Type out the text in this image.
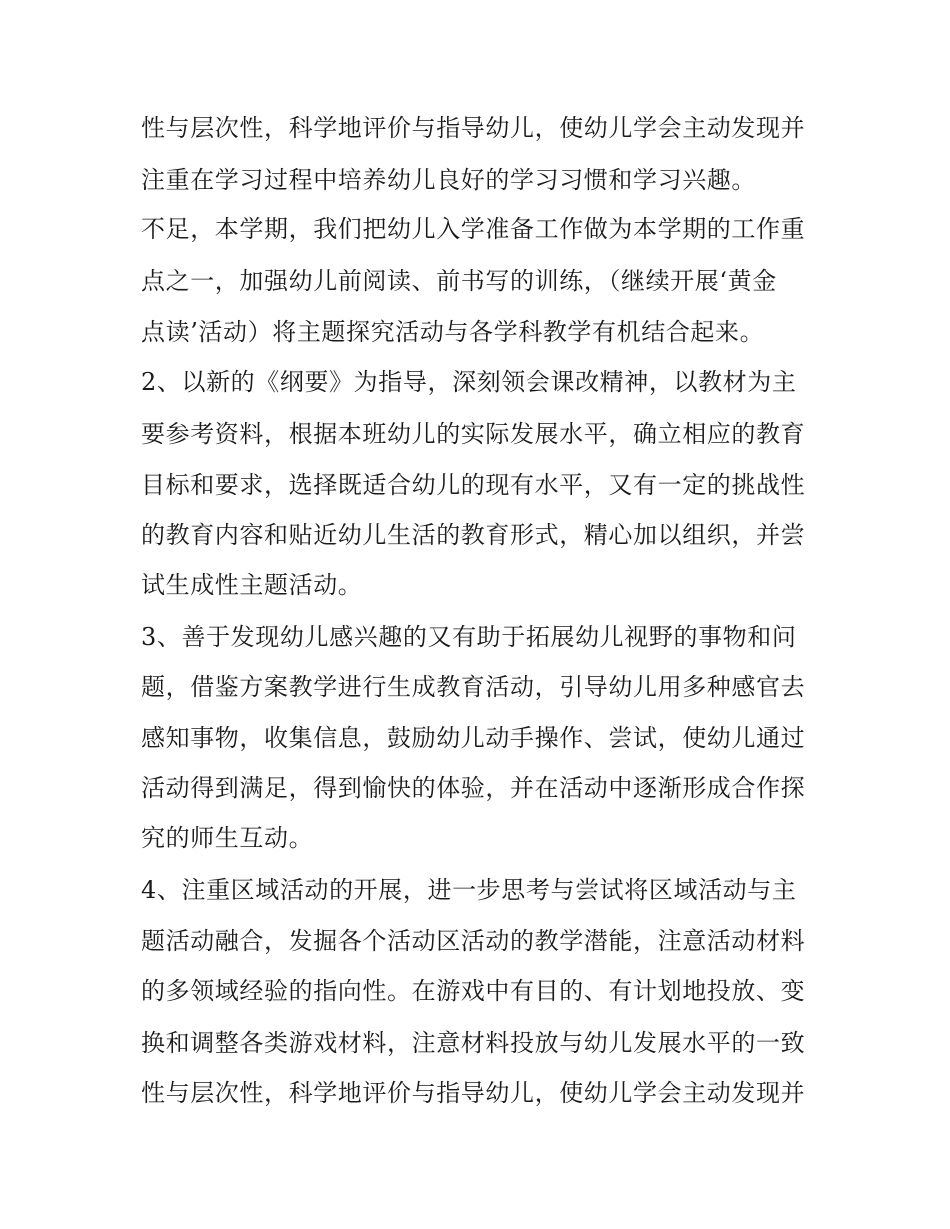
性与层次性，科学地评价与指导幼儿，使幼儿学会主动发现并
注重在学习过程中培养幼儿良好的学习习惯和学习兴趣。
不足，本学期，我们把幼儿入学准备工作做为本学期的工作重
点之一，加强幼儿前阅读、前书写的训练，（继续开展‘黄金
点读’活动）将主题探究活动与各学科教学有机结合起来。
2、以新的《纲要》为指导，深刻领会课改精神，以教材为主
要参考资料，根据本班幼儿的实际发展水平，确立相应的教育
目标和要求，选择既适合幼儿的现有水平，又有一定的挑战性
的教育内容和贴近幼儿生活的教育形式，精心加以组织，并尝
试生成性主题活动。
3、善于发现幼儿感兴趣的又有助于拓展幼儿视野的事物和问
题，借鉴方案教学进行生成教育活动，引导幼儿用多种感官去
感知事物，收集信息，鼓励幼儿动手操作、尝试，使幼儿通过
活动得到满足，得到愉快的体验，并在活动中逐渐形成合作探
究的师生互动。
4、注重区域活动的开展，进一步思考与尝试将区域活动与主
题活动融合，发掘各个活动区活动的教学潜能，注意活动材料
的多领域经验的指向性。在游戏中有目的、有计划地投放、变
换和调整各类游戏材料，注意材料投放与幼儿发展水平的一致
性与层次性，科学地评价与指导幼儿，使幼儿学会主动发现并
